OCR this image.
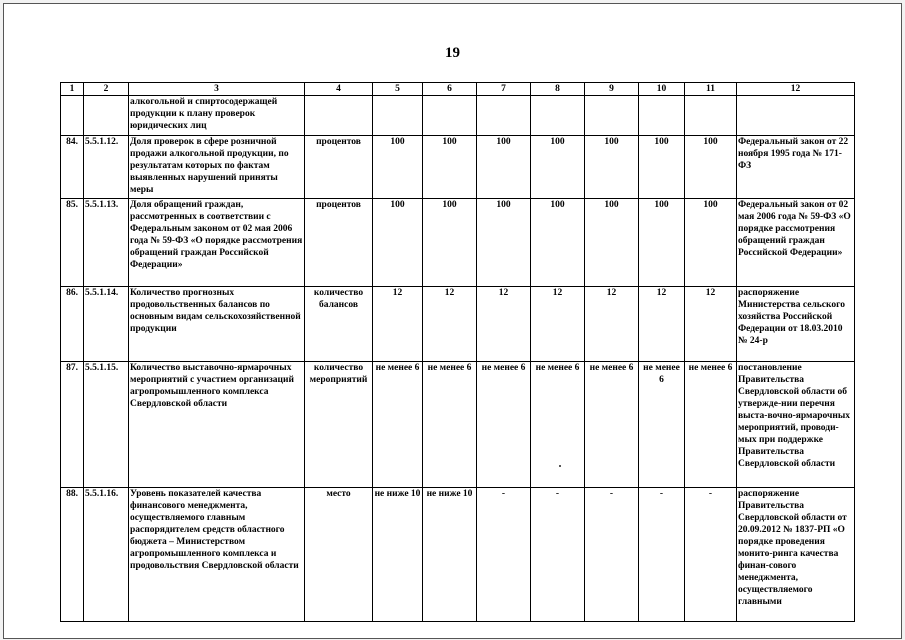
19
1	2	3	4	5	6	7	8	9	10	11	12
		алкогольной и спиртосодержащей продукции к плану проверок юридических лиц									
84.	5.5.1.12.	Доля проверок в сфере розничной продажи алкогольной продукции, по результатам которых по фактам выявленных нарушений приняты меры	процентов	100	100	100	100	100	100	100	Федеральный закон от 22 ноября 1995 года № 171-ФЗ
85.	5.5.1.13.	Доля обращений граждан, рассмотренных в соответствии с Федеральным законом от 02 мая 2006 года № 59-ФЗ «О порядке рассмотрения обращений граждан Российской Федерации»	процентов	100	100	100	100	100	100	100	Федеральный закон от 02 мая 2006 года № 59-ФЗ «О порядке рассмотрения обращений граждан Российской Федерации»
86.	5.5.1.14.	Количество прогнозных продовольственных балансов по основным видам сельскохозяйственной продукции	количество балансов	12	12	12	12	12	12	12	распоряжение Министерства сельского хозяйства Российской Федерации от 18.03.2010 № 24-р
87.	5.5.1.15.	Количество выставочно-ярмарочных мероприятий с участием организаций агропромышленного комплекса Свердловской области	количество мероприятий	не менее 6	не менее 6	не менее 6	не менее 6	не менее 6	не менее 6	не менее 6	постановление Правительства Свердловской области об утвержде-нии перечня выста-вочно-ярмарочных мероприятий, проводи-мых при поддержке Правительства Свердловской области
88.	5.5.1.16.	Уровень показателей качества финансового менеджмента, осуществляемого главным распорядителем средств областного бюджета – Министерством агропромышленного комплекса и продовольствия Свердловской области	место	не ниже 10	не ниже 10	-	-	-	-	-	распоряжение Правительства Свердловской области от 20.09.2012 № 1837-РП «О порядке проведения монито-ринга качества финан-сового менеджмента, осуществляемого главными
